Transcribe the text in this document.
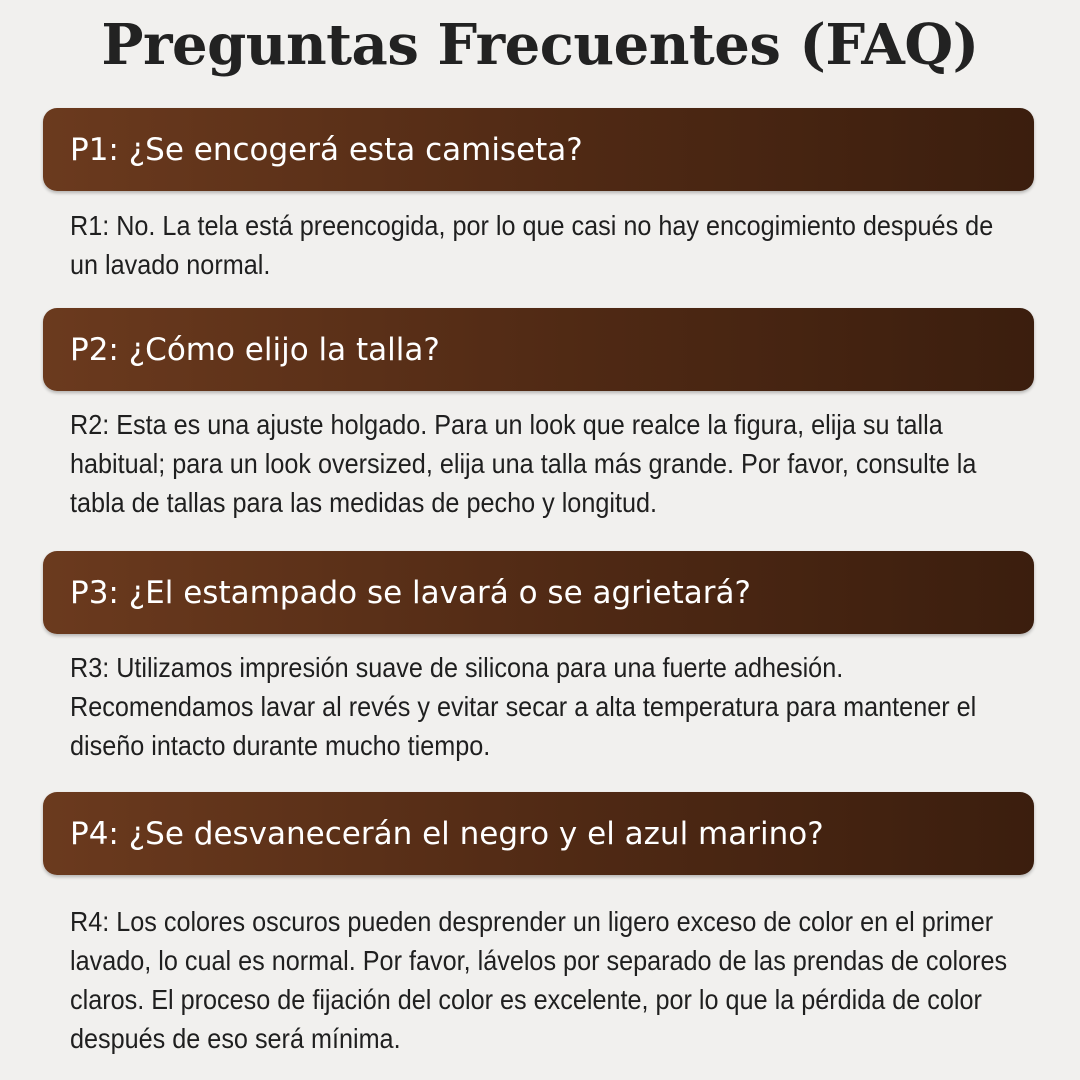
Preguntas Frecuentes (FAQ)
P1: ¿Se encogerá esta camiseta?
R1: No. La tela está preencogida, por lo que casi no hay encogimiento después de un lavado normal.
P2: ¿Cómo elijo la talla?
R2: Esta es una ajuste holgado. Para un look que realce la figura, elija su talla habitual; para un look oversized, elija una talla más grande. Por favor, consulte la tabla de tallas para las medidas de pecho y longitud.
P3: ¿El estampado se lavará o se agrietará?
R3: Utilizamos impresión suave de silicona para una fuerte adhesión. Recomendamos lavar al revés y evitar secar a alta temperatura para mantener el diseño intacto durante mucho tiempo.
P4: ¿Se desvanecerán el negro y el azul marino?
R4: Los colores oscuros pueden desprender un ligero exceso de color en el primer lavado, lo cual es normal. Por favor, lávelos por separado de las prendas de colores claros. El proceso de fijación del color es excelente, por lo que la pérdida de color después de eso será mínima.
